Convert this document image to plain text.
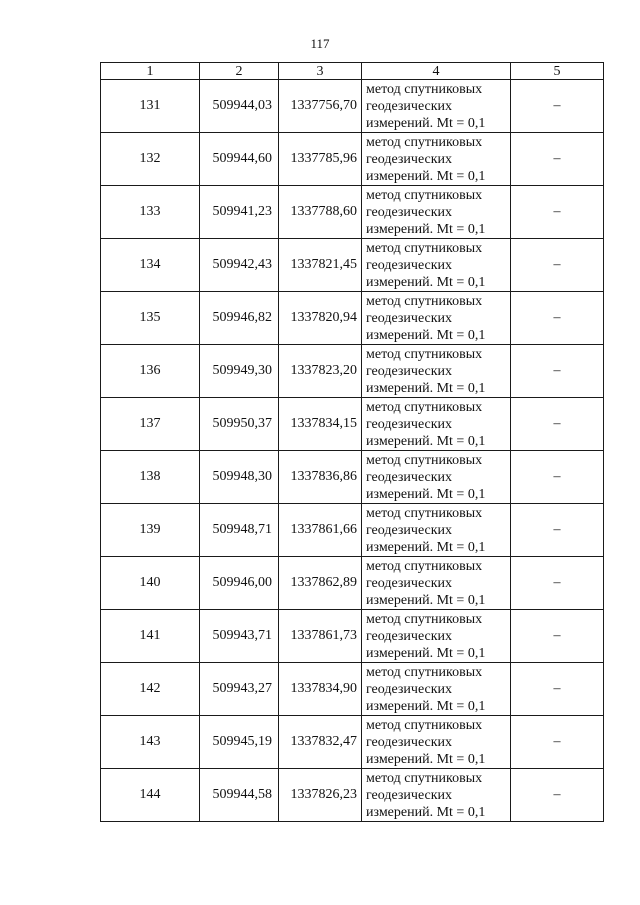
117
1	2	3	4	5
131	509944,03	1337756,70	метод спутниковых
геодезических
измерений. Mt = 0,1	–
132	509944,60	1337785,96	метод спутниковых
геодезических
измерений. Mt = 0,1	–
133	509941,23	1337788,60	метод спутниковых
геодезических
измерений. Mt = 0,1	–
134	509942,43	1337821,45	метод спутниковых
геодезических
измерений. Mt = 0,1	–
135	509946,82	1337820,94	метод спутниковых
геодезических
измерений. Mt = 0,1	–
136	509949,30	1337823,20	метод спутниковых
геодезических
измерений. Mt = 0,1	–
137	509950,37	1337834,15	метод спутниковых
геодезических
измерений. Mt = 0,1	–
138	509948,30	1337836,86	метод спутниковых
геодезических
измерений. Mt = 0,1	–
139	509948,71	1337861,66	метод спутниковых
геодезических
измерений. Mt = 0,1	–
140	509946,00	1337862,89	метод спутниковых
геодезических
измерений. Mt = 0,1	–
141	509943,71	1337861,73	метод спутниковых
геодезических
измерений. Mt = 0,1	–
142	509943,27	1337834,90	метод спутниковых
геодезических
измерений. Mt = 0,1	–
143	509945,19	1337832,47	метод спутниковых
геодезических
измерений. Mt = 0,1	–
144	509944,58	1337826,23	метод спутниковых
геодезических
измерений. Mt = 0,1	–
